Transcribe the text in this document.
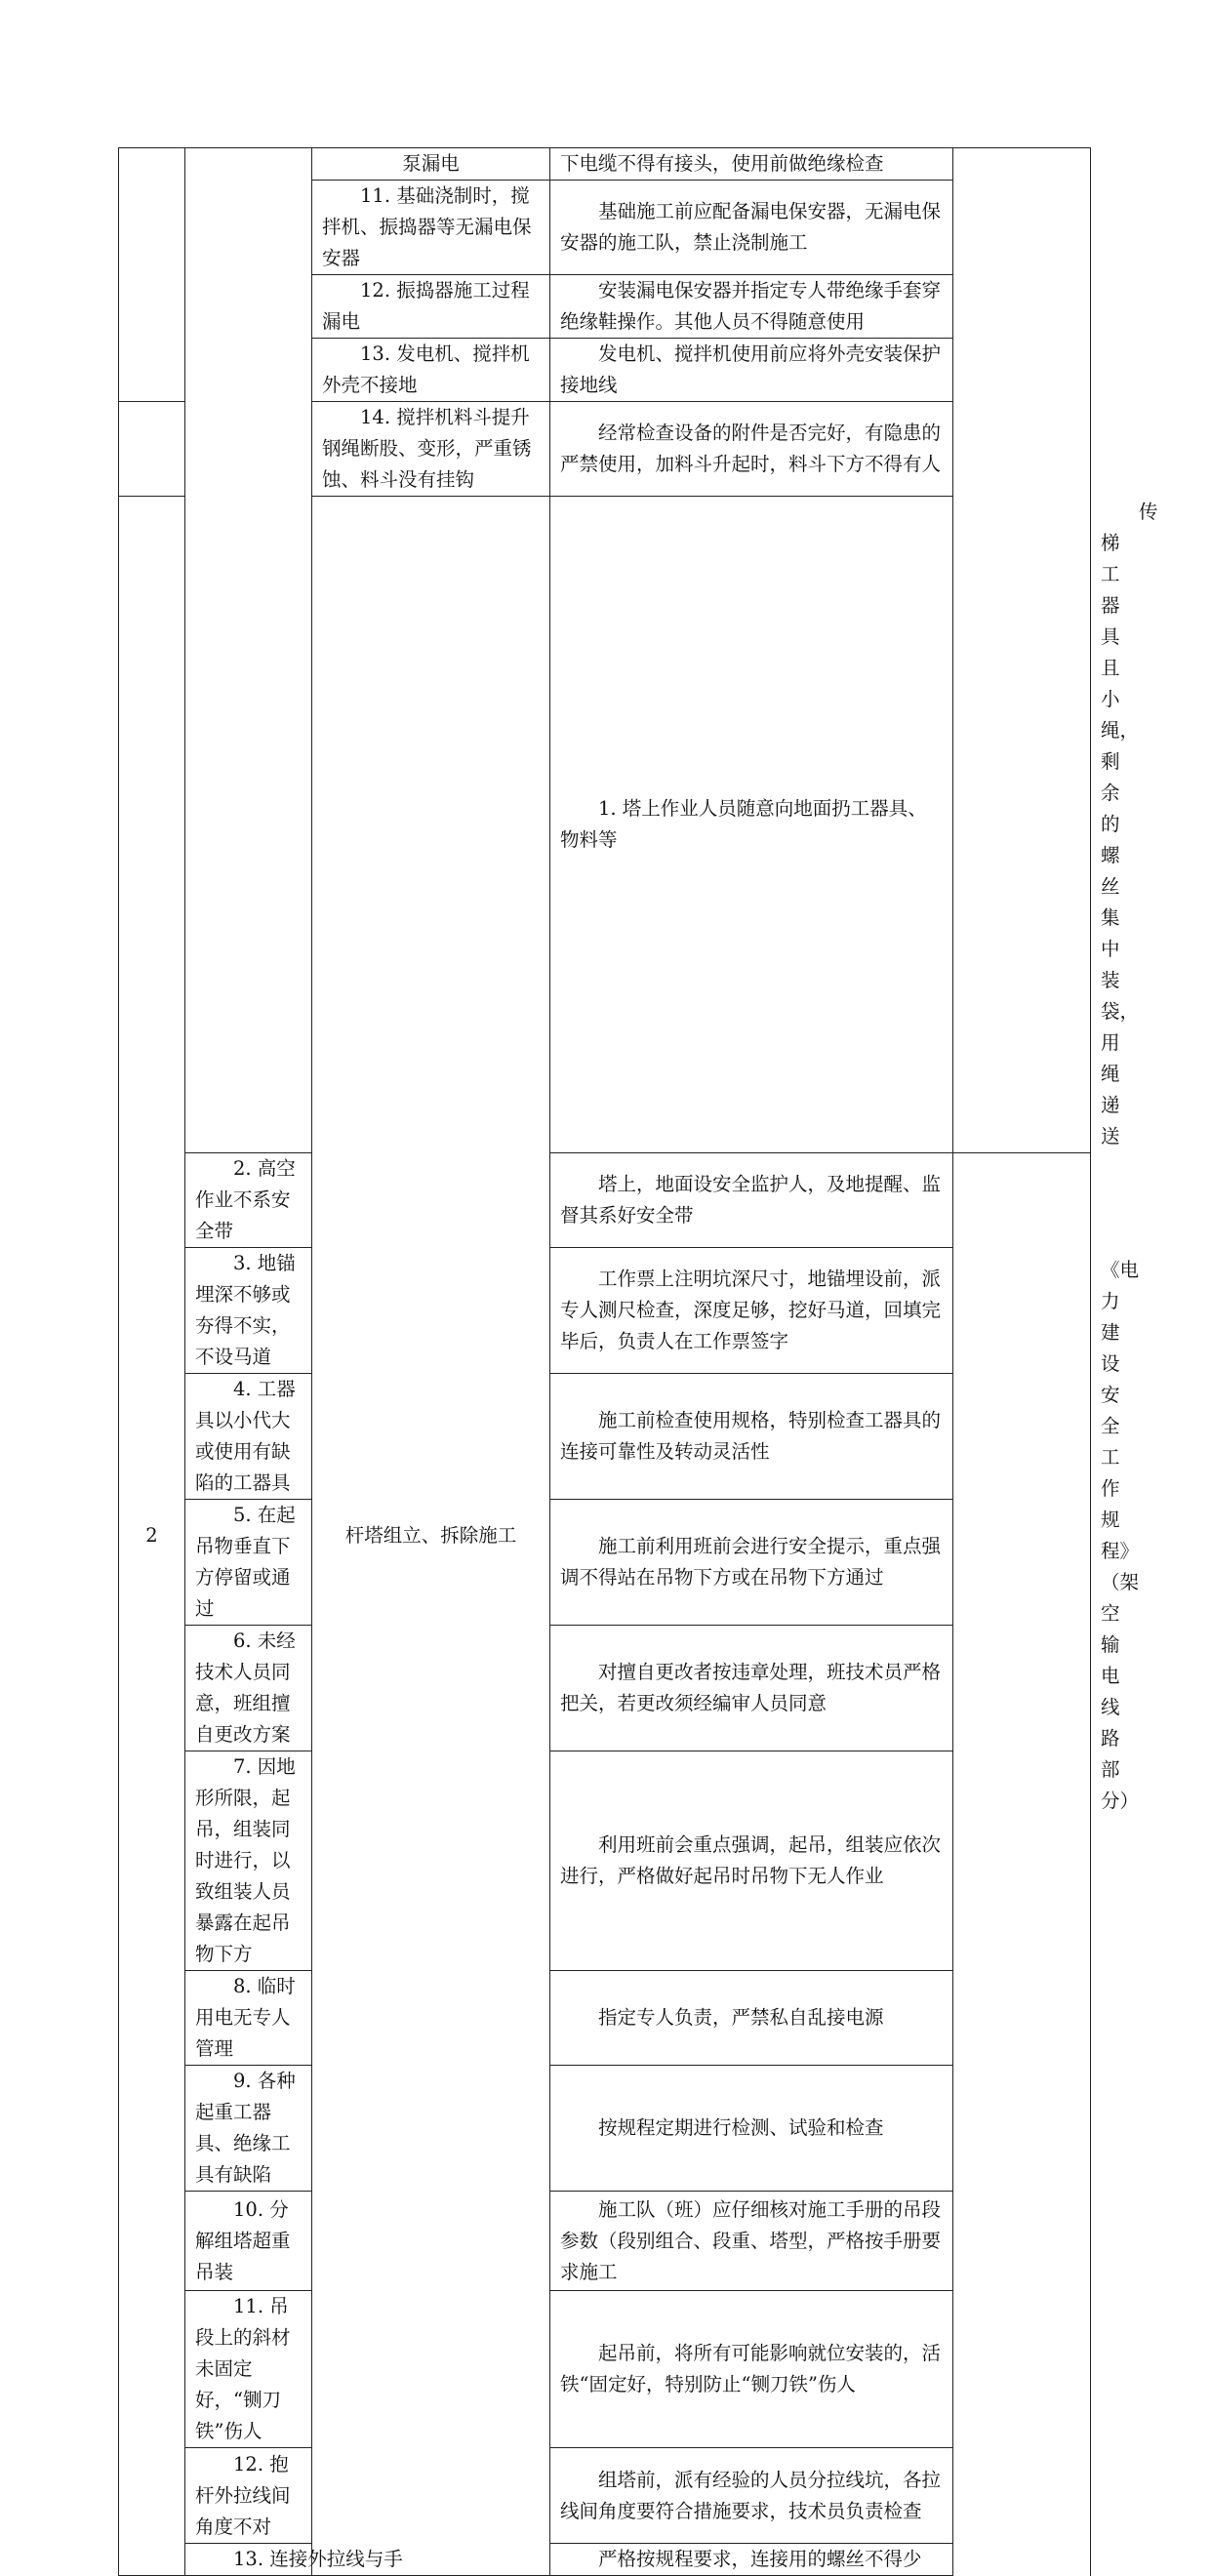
		泵漏电	下电缆不得有接头，使用前做绝缘检查		
		11. 基础浇制时，搅拌机、振捣器等无漏电保安器	基础施工前应配备漏电保安器，无漏电保安器的施工队，禁止浇制施工		
		12. 振捣器施工过程漏电	安装漏电保安器并指定专人带绝缘手套穿绝缘鞋操作。其他人员不得随意使用		
		13. 发电机、搅拌机外壳不接地	发电机、搅拌机使用前应将外壳安装保护接地线		
		14. 搅拌机料斗提升钢绳断股、变形，严重锈蚀、料斗没有挂钩	经常检查设备的附件是否完好，有隐患的严禁使用，加料斗升起时，料斗下方不得有人		
2		杆塔组立、拆除施工	1. 塔上作业人员随意向地面扔工器具、物料等		传梯工器具且小绳，剩余的螺丝集中装袋，用绳递送	《电力建设安全工作规程》（架空输电线路部分）
	2. 高空作业不系安全带		塔上，地面设安全监护人，及地提醒、监督其系好安全带		
	3. 地锚埋深不够或夯得不实，不设马道		工作票上注明坑深尺寸，地锚埋设前，派专人测尺检查，深度足够，挖好马道，回填完毕后，负责人在工作票签字		
	4. 工器具以小代大或使用有缺陷的工器具		施工前检查使用规格，特别检查工器具的连接可靠性及转动灵活性		
	5. 在起吊物垂直下方停留或通过		施工前利用班前会进行安全提示，重点强调不得站在吊物下方或在吊物下方通过		
	6. 未经技术人员同意，班组擅自更改方案		对擅自更改者按违章处理，班技术员严格把关，若更改须经编审人员同意		
	7. 因地形所限，起吊，组装同时进行，以致组装人员暴露在起吊物下方		利用班前会重点强调，起吊，组装应依次进行，严格做好起吊时吊物下无人作业		
	8. 临时用电无专人管理		指定专人负责，严禁私自乱接电源		
	9. 各种起重工器具、绝缘工具有缺陷		按规程定期进行检测、试验和检查		
	10. 分解组塔超重吊装		施工队（班）应仔细核对施工手册的吊段参数（段别组合、段重、塔型，严格按手册要求施工		
	11. 吊段上的斜材未固定好，“铡刀铁”伤人		起吊前，将所有可能影响就位安装的，活铁“固定好，特别防止“铡刀铁”伤人		
	12. 抱杆外拉线间角度不对		组塔前，派有经验的人员分拉线坑，各拉线间角度要符合措施要求，技术员负责检查		
	13. 连接外拉线与手		严格按规程要求，连接用的螺丝不得少		
